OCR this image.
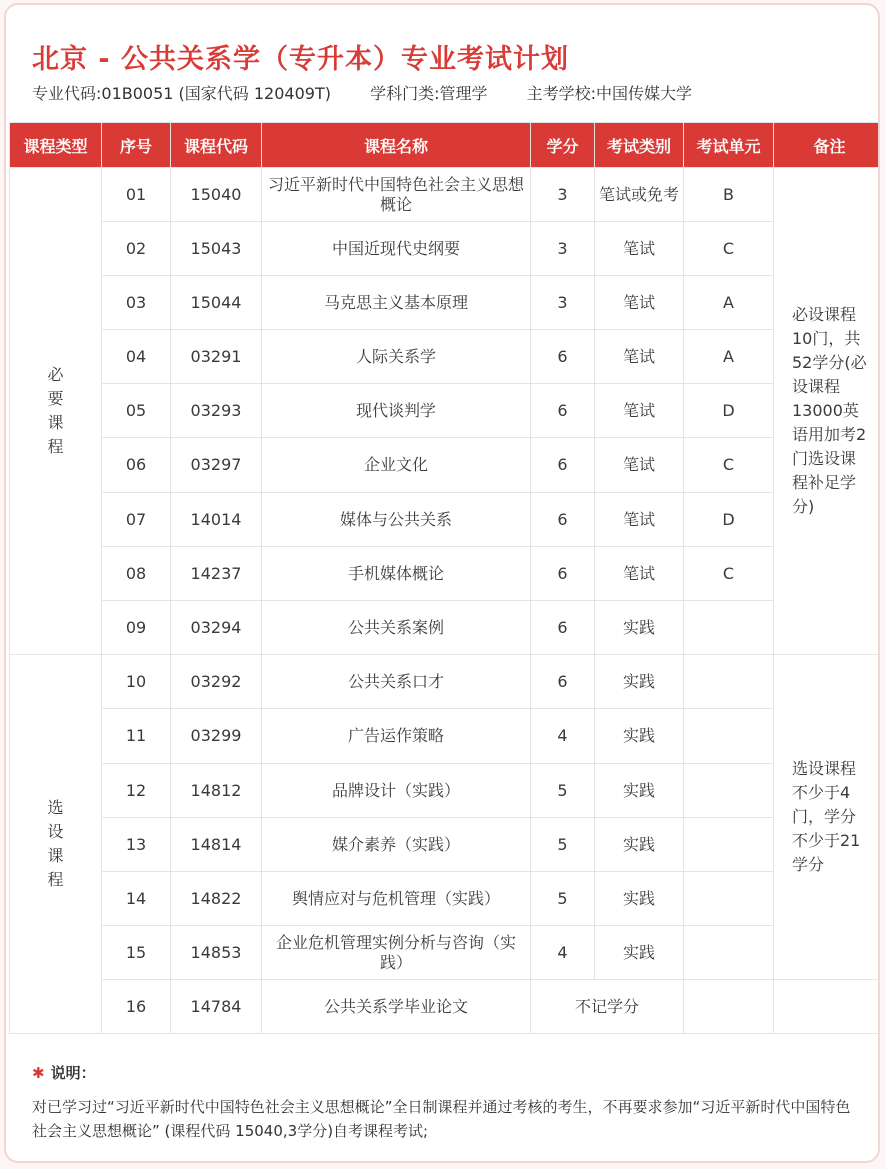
北京 - 公共关系学（专升本）专业考试计划
专业代码:01B0051 (国家代码 120409T) 学科门类:管理学 主考学校:中国传媒大学
课程类型	序号	课程代码	课程名称	学分	考试类别	考试单元	备注
必要课程	01	15040	习近平新时代中国特色社会主义思想概论	3	笔试或免考	B	必设课程10门，共52学分(必设课程13000英语用加考2门选设课程补足学分)
	02	15043	中国近现代史纲要	3	笔试	C	
	03	15044	马克思主义基本原理	3	笔试	A	
	04	03291	人际关系学	6	笔试	A	
	05	03293	现代谈判学	6	笔试	D	
	06	03297	企业文化	6	笔试	C	
	07	14014	媒体与公共关系	6	笔试	D	
	08	14237	手机媒体概论	6	笔试	C	
	09	03294	公共关系案例	6	实践		
选设课程	10	03292	公共关系口才	6	实践		选设课程不少于4门，学分不少于21学分
	11	03299	广告运作策略	4	实践		
	12	14812	品牌设计（实践）	5	实践		
	13	14814	媒介素养（实践）	5	实践		
	14	14822	舆情应对与危机管理（实践）	5	实践		
	15	14853	企业危机管理实例分析与咨询（实践）	4	实践		
	16	14784	公共关系学毕业论文	不记学分			
✱ 说明：
对已学习过“习近平新时代中国特色社会主义思想概论”全日制课程并通过考核的考生，不再要求参加“习近平新时代中国特色社会主义思想概论” (课程代码 15040,3学分)自考课程考试;
